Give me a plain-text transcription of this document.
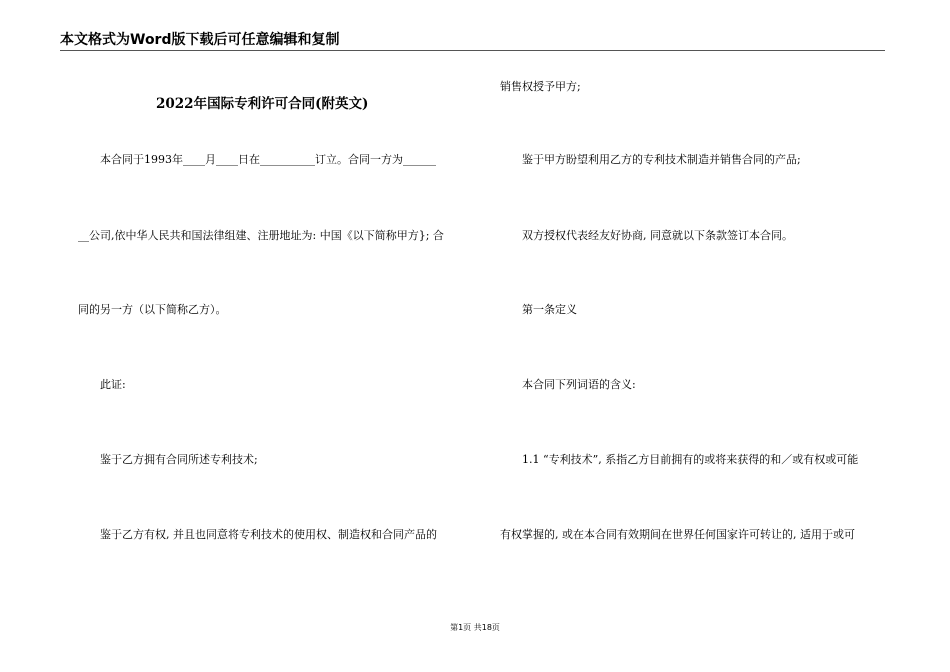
本文格式为Word版下载后可任意编辑和复制
2022年国际专利许可合同(附英文)
　　本合同于1993年____月____日在__________订立。合同一方为______
__公司,依中华人民共和国法律组建、注册地址为: 中国《以下简称甲方}; 合
同的另一方（以下简称乙方）。
　　此证:
　　鉴于乙方拥有合同所述专利技术;
　　鉴于乙方有权, 并且也同意将专利技术的使用权、制造权和合同产品的
销售权授予甲方;
　　鉴于甲方盼望利用乙方的专利技术制造并销售合同的产品;
　　双方授权代表经友好协商, 同意就以下条款签订本合同。
　　第一条定义
　　本合同下列词语的含义:
　　1.1 “专利技术”, 系指乙方目前拥有的或将来获得的和／或有权或可能
有权掌握的, 或在本合同有效期间在世界任何国家许可转让的, 适用于或可
第1页 共18页
